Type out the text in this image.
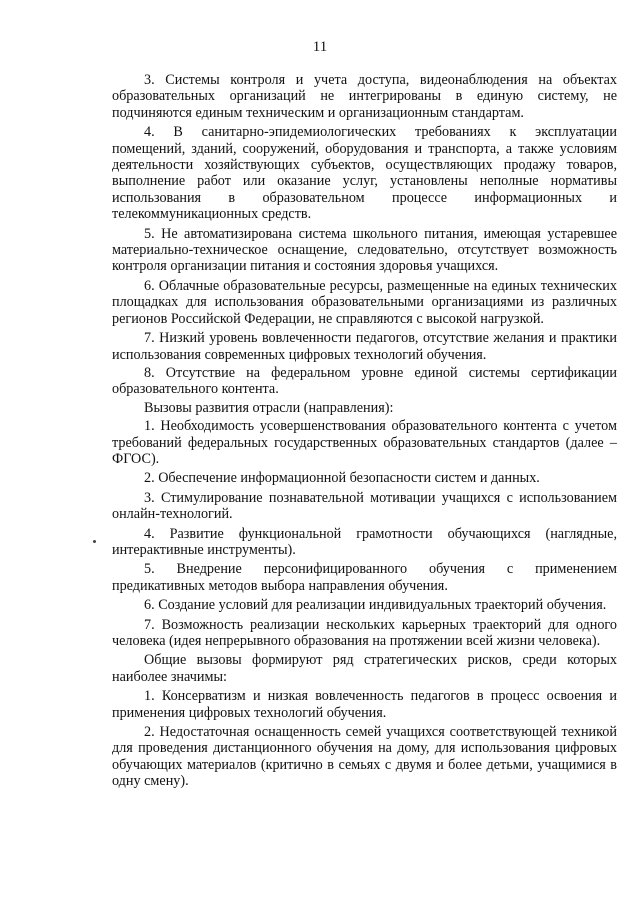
11

3. Системы контроля и учета доступа, видеонаблюдения на объектах образовательных организаций не интегрированы в единую систему, не подчиняются единым техническим и организационным стандартам.

4. В санитарно-эпидемиологических требованиях к эксплуатации помещений, зданий, сооружений, оборудования и транспорта, а также условиям деятельности хозяйствующих субъектов, осуществляющих продажу товаров, выполнение работ или оказание услуг, установлены неполные нормативы использования в образовательном процессе информационных и телекоммуникационных средств.

5. Не автоматизирована система школьного питания, имеющая устаревшее материально-техническое оснащение, следовательно, отсутствует возможность контроля организации питания и состояния здоровья учащихся.

6. Облачные образовательные ресурсы, размещенные на единых технических площадках для использования образовательными организациями из различных регионов Российской Федерации, не справляются с высокой нагрузкой.

7. Низкий уровень вовлеченности педагогов, отсутствие желания и практики использования современных цифровых технологий обучения.

8. Отсутствие на федеральном уровне единой системы сертификации образовательного контента.

Вызовы развития отрасли (направления):

1. Необходимость усовершенствования образовательного контента с учетом требований федеральных государственных образовательных стандартов (далее – ФГОС).

2. Обеспечение информационной безопасности систем и данных.

3. Стимулирование познавательной мотивации учащихся с использованием онлайн-технологий.

4. Развитие функциональной грамотности обучающихся (наглядные, интерактивные инструменты).

5. Внедрение персонифицированного обучения с применением предикативных методов выбора направления обучения.

6. Создание условий для реализации индивидуальных траекторий обучения.

7. Возможность реализации нескольких карьерных траекторий для одного человека (идея непрерывного образования на протяжении всей жизни человека).

Общие вызовы формируют ряд стратегических рисков, среди которых наиболее значимы:

1. Консерватизм и низкая вовлеченность педагогов в процесс освоения и применения цифровых технологий обучения.

2. Недостаточная оснащенность семей учащихся соответствующей техникой для проведения дистанционного обучения на дому, для использования цифровых обучающих материалов (критично в семьях с двумя и более детьми, учащимися в одну смену).
